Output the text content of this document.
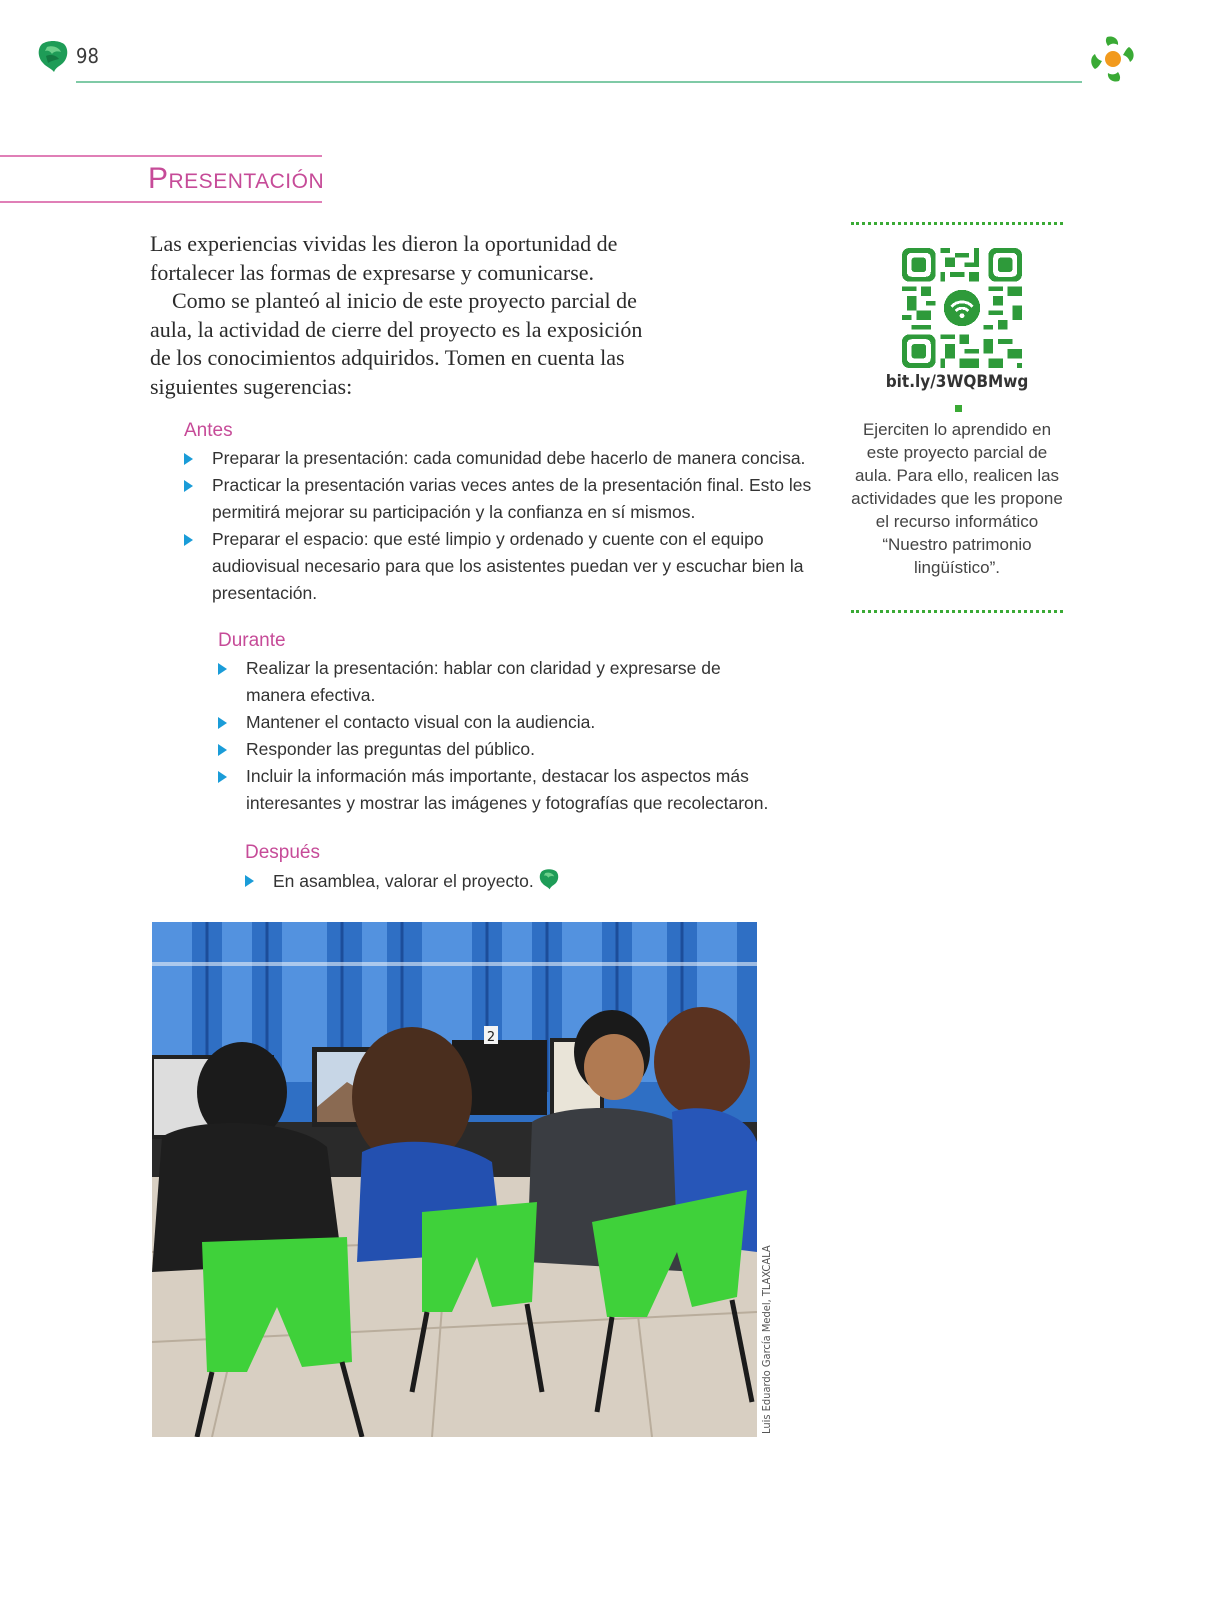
98
Presentación

Las experiencias vividas les dieron la oportunidad de fortalecer las formas de expresarse y comunicarse.

Como se planteó al inicio de este proyecto parcial de aula, la actividad de cierre del proyecto es la exposición de los conocimientos adquiridos. Tomen en cuenta las siguientes sugerencias:

Antes
Preparar la presentación: cada comunidad debe hacerlo de manera concisa.
Practicar la presentación varias veces antes de la presentación final. Esto les permitirá mejorar su participación y la confianza en sí mismos.
Preparar el espacio: que esté limpio y ordenado y cuente con el equipo audiovisual necesario para que los asistentes puedan ver y escuchar bien la presentación.
Durante
Realizar la presentación: hablar con claridad y expresarse de manera efectiva.
Mantener el contacto visual con la audiencia.
Responder las preguntas del público.
Incluir la información más importante, destacar los aspectos más interesantes y mostrar las imágenes y fotografías que recolectaron.
Después
En asamblea, valorar el proyecto.
bit.ly/3WQBMwg
Ejerciten lo aprendido en este proyecto parcial de aula. Para ello, realicen las actividades que les propone el recurso informático “Nuestro patrimonio lingüístico”.
2
Luis Eduardo García Medel, TLAXCALA
